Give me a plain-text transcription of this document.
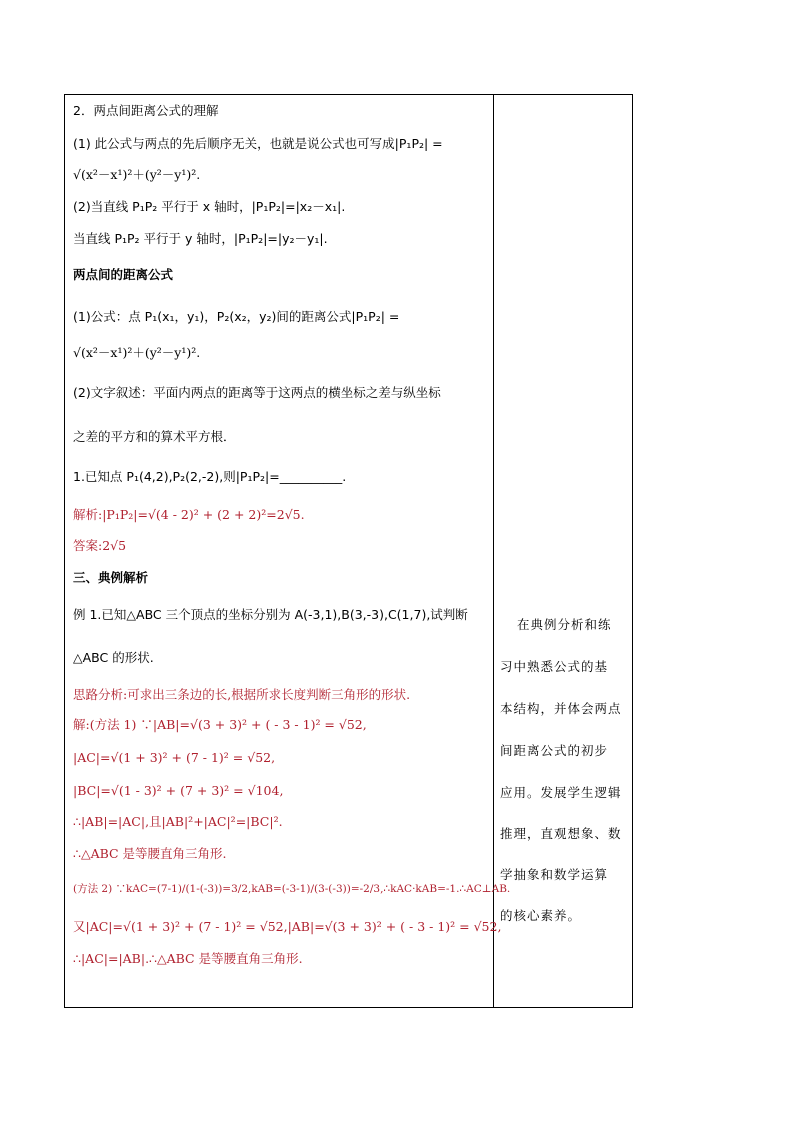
2．两点间距离公式的理解
(1) 此公式与两点的先后顺序无关，也就是说公式也可写成|P₁P₂| =
√(x²－x¹)²＋(y²－y¹)².
(2)当直线 P₁P₂ 平行于 x 轴时，|P₁P₂|=|x₂－x₁|.
当直线 P₁P₂ 平行于 y 轴时，|P₁P₂|=|y₂－y₁|.
两点间的距离公式
(1)公式：点 P₁(x₁，y₁)，P₂(x₂，y₂)间的距离公式|P₁P₂| =
√(x²－x¹)²＋(y²－y¹)².
(2)文字叙述：平面内两点的距离等于这两点的横坐标之差与纵坐标
之差的平方和的算术平方根．
1.已知点 P₁(4,2),P₂(2,-2),则|P₁P₂|=__________.
解析:|P₁P₂|=√(4 - 2)² + (2 + 2)²=2√5.
答案:2√5
三、典例解析
例 1.已知△ABC 三个顶点的坐标分别为 A(-3,1),B(3,-3),C(1,7),试判断
△ABC 的形状.
思路分析:可求出三条边的长,根据所求长度判断三角形的形状.
解:(方法 1) ∵|AB|=√(3 + 3)² + ( - 3 - 1)² = √52,
|AC|=√(1 + 3)² + (7 - 1)² = √52,
|BC|=√(1 - 3)² + (7 + 3)² = √104,
∴|AB|=|AC|,且|AB|²+|AC|²=|BC|².
∴△ABC 是等腰直角三角形.
(方法 2) ∵kAC=(7-1)/(1-(-3))=3/2,kAB=(-3-1)/(3-(-3))=-2/3,∴kAC·kAB=-1.∴AC⊥AB.
又|AC|=√(1 + 3)² + (7 - 1)² = √52,|AB|=√(3 + 3)² + ( - 3 - 1)² = √52,
∴|AC|=|AB|.∴△ABC 是等腰直角三角形.
在典例分析和练
习中熟悉公式的基
本结构，并体会两点
间距离公式的初步
应用。发展学生逻辑
推理，直观想象、数
学抽象和数学运算
的核心素养。
